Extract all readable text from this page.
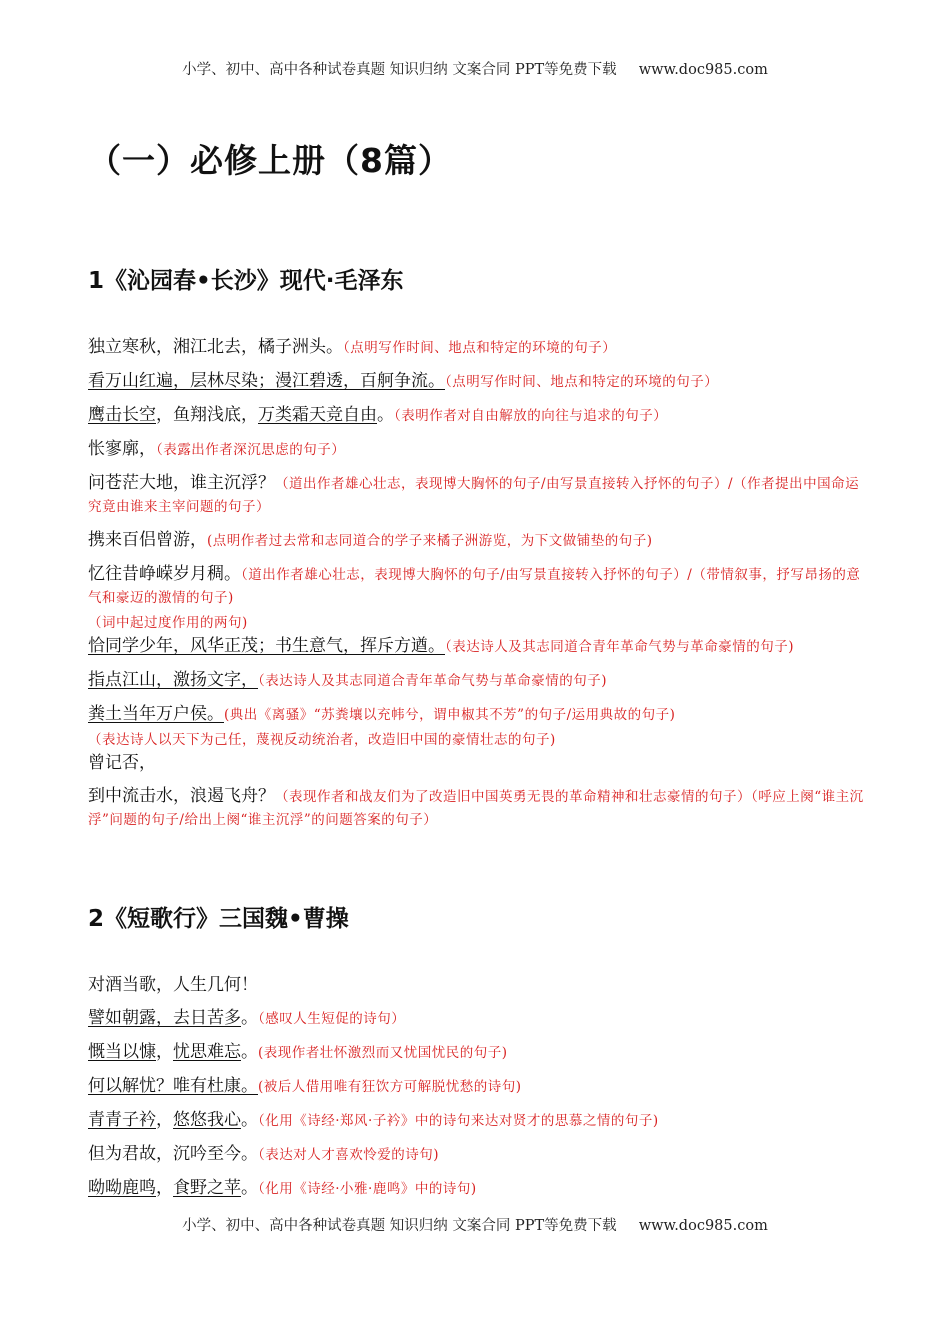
小学、初中、高中各种试卷真题 知识归纳 文案合同 PPT等免费下载 www.doc985.com
（一）必修上册（8篇）
1《沁园春•长沙》现代·毛泽东

独立寒秋，湘江北去，橘子洲头。（点明写作时间、地点和特定的环境的句子）

看万山红遍，层林尽染；漫江碧透，百舸争流。（点明写作时间、地点和特定的环境的句子）

鹰击长空，鱼翔浅底，万类霜天竞自由。（表明作者对自由解放的向往与追求的句子）

怅寥廓，（表露出作者深沉思虑的句子）

问苍茫大地，谁主沉浮？（道出作者雄心壮志，表现博大胸怀的句子/由写景直接转入抒怀的句子）/（作者提出中国命运究竟由谁来主宰问题的句子）

携来百侣曾游，(点明作者过去常和志同道合的学子来橘子洲游览，为下文做铺垫的句子)

忆往昔峥嵘岁月稠。（道出作者雄心壮志，表现博大胸怀的句子/由写景直接转入抒怀的句子）/（带情叙事，抒写昂扬的意气和豪迈的激情的句子)

（词中起过度作用的两句)

恰同学少年，风华正茂；书生意气，挥斥方遒。（表达诗人及其志同道合青年革命气势与革命豪情的句子)

指点江山，激扬文字，（表达诗人及其志同道合青年革命气势与革命豪情的句子)

粪土当年万户侯。(典出《离骚》“苏粪壤以充帏兮，谓申椒其不芳”的句子/运用典故的句子)

（表达诗人以天下为己任，蔑视反动统治者，改造旧中国的豪情壮志的句子)

曾记否，

到中流击水，浪遏飞舟？（表现作者和战友们为了改造旧中国英勇无畏的革命精神和壮志豪情的句子）（呼应上阕“谁主沉浮”问题的句子/给出上阕“谁主沉浮”的问题答案的句子）

2《短歌行》三国魏•曹操

对酒当歌，人生几何！

譬如朝露，去日苦多。（感叹人生短促的诗句）

慨当以慷，忧思难忘。(表现作者壮怀激烈而又忧国忧民的句子)

何以解忧？唯有杜康。(被后人借用唯有狂饮方可解脱忧愁的诗句)

青青子衿，悠悠我心。（化用《诗经·郑风·子衿》中的诗句来达对贤才的思慕之情的句子)

但为君故，沉吟至今。（表达对人才喜欢怜爱的诗句)

呦呦鹿鸣，食野之苹。（化用《诗经·小雅·鹿鸣》中的诗句)

小学、初中、高中各种试卷真题 知识归纳 文案合同 PPT等免费下载 www.doc985.com
